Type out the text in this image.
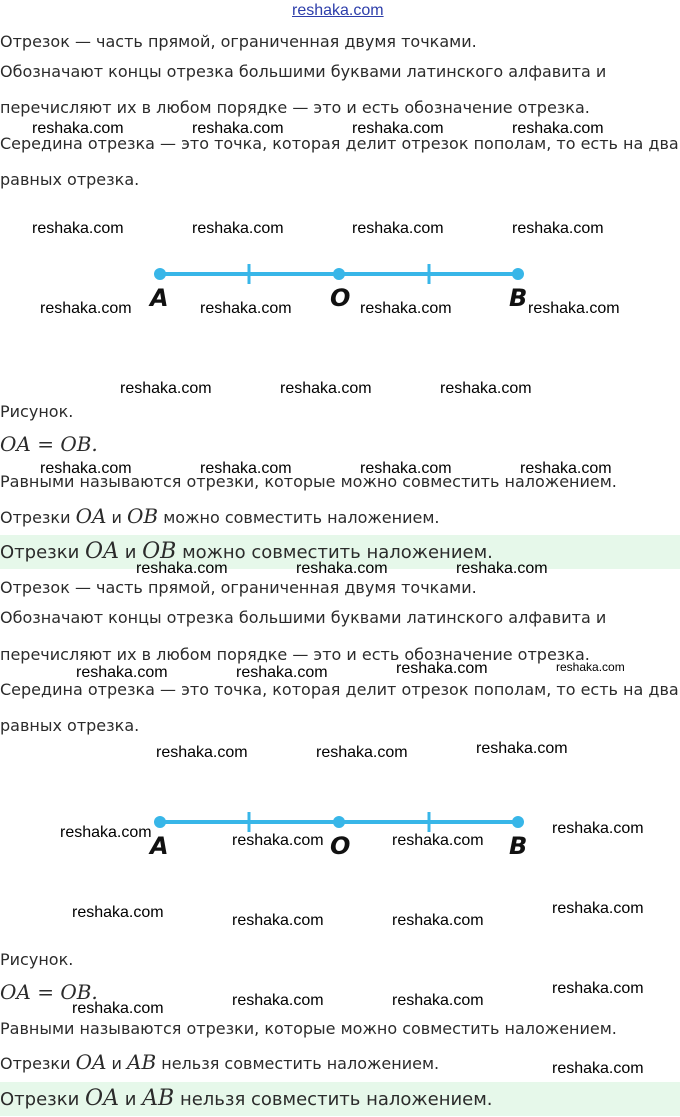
reshaka.com
Отрезок — часть прямой, ограниченная двумя точками.
Обозначают концы отрезка большими буквами латинского алфавита и
перечисляют их в любом порядке — это и есть обозначение отрезка.
Середина отрезка — это точка, которая делит отрезок пополам, то есть на два
равных отрезка.
A	O	B
Рисунок.
OA = OB.
Равными называются отрезки, которые можно совместить наложением.
Отрезки OA и OB можно совместить наложением.
Отрезки OA и OB можно совместить наложением.
Отрезок — часть прямой, ограниченная двумя точками.
Обозначают концы отрезка большими буквами латинского алфавита и
перечисляют их в любом порядке — это и есть обозначение отрезка.
Середина отрезка — это точка, которая делит отрезок пополам, то есть на два
равных отрезка.
A	O	B
Рисунок.
OA = OB.
Равными называются отрезки, которые можно совместить наложением.
Отрезки OA и AB нельзя совместить наложением.
Отрезки OA и AB нельзя совместить наложением.
reshaka.com	reshaka.com	reshaka.com	reshaka.com
reshaka.com	reshaka.com	reshaka.com	reshaka.com
reshaka.com	reshaka.com	reshaka.com	reshaka.com
reshaka.com	reshaka.com	reshaka.com
reshaka.com	reshaka.com	reshaka.com	reshaka.com
reshaka.com	reshaka.com	reshaka.com
reshaka.com	reshaka.com	reshaka.com	reshaka.com
reshaka.com	reshaka.com	reshaka.com
reshaka.com	reshaka.com	reshaka.com
reshaka.com
reshaka.com	reshaka.com	reshaka.com
reshaka.com
reshaka.com	reshaka.com	reshaka.com
reshaka.com
reshaka.com
